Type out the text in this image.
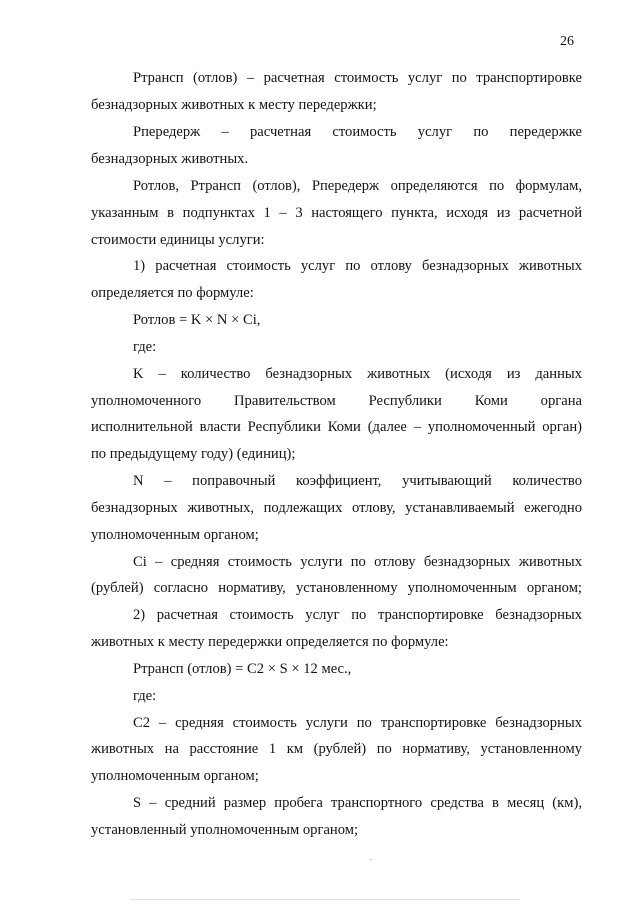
26
Ртрансп (отлов) – расчетная стоимость услуг по транспортировке
безнадзорных животных к месту передержки;
Рпередерж – расчетная стоимость услуг по передержке
безнадзорных животных.
Ротлов, Ртрансп (отлов), Рпередерж определяются по формулам,
указанным в подпунктах 1 – 3 настоящего пункта, исходя из расчетной
стоимости единицы услуги:
1) расчетная стоимость услуг по отлову безнадзорных животных
определяется по формуле:
Ротлов = K × N × Ci,
где:
K – количество безнадзорных животных (исходя из данных
уполномоченного Правительством Республики Коми органа
исполнительной власти Республики Коми (далее – уполномоченный орган)
по предыдущему году) (единиц);
N – поправочный коэффициент, учитывающий количество
безнадзорных животных, подлежащих отлову, устанавливаемый ежегодно
уполномоченным органом;
Ci – средняя стоимость услуги по отлову безнадзорных животных
(рублей) согласно нормативу, установленному уполномоченным органом;
2) расчетная стоимость услуг по транспортировке безнадзорных
животных к месту передержки определяется по формуле:
Ртрансп (отлов) = C2 × S × 12 мес.,
где:
C2 – средняя стоимость услуги по транспортировке безнадзорных
животных на расстояние 1 км (рублей) по нормативу, установленному
уполномоченным органом;
S – средний размер пробега транспортного средства в месяц (км),
установленный уполномоченным органом;
